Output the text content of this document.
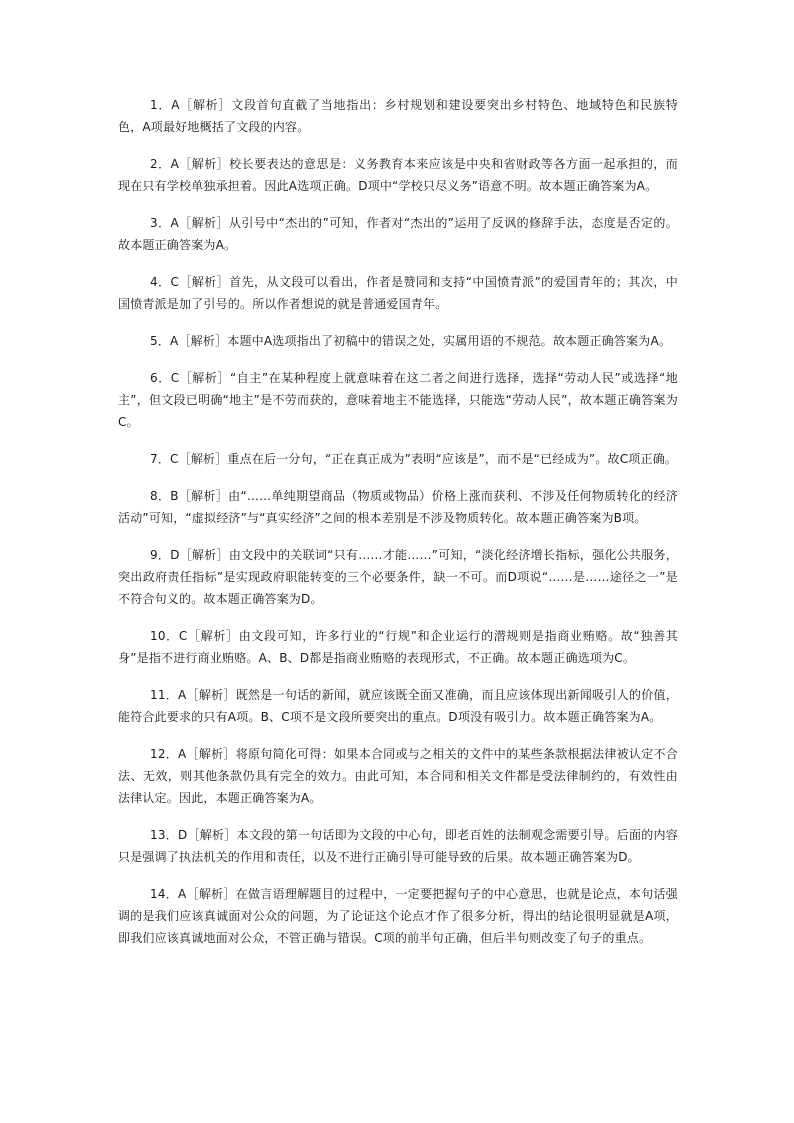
1．A［解析］文段首句直截了当地指出：乡村规划和建设要突出乡村特色、地域特色和民族特色，A项最好地概括了文段的内容。

2．A［解析］校长要表达的意思是：义务教育本来应该是中央和省财政等各方面一起承担的，而现在只有学校单独承担着。因此A选项正确。D项中“学校只尽义务”语意不明。故本题正确答案为A。

3．A［解析］从引号中“杰出的”可知，作者对“杰出的”运用了反讽的修辞手法，态度是否定的。故本题正确答案为A。

4．C［解析］首先，从文段可以看出，作者是赞同和支持“中国愤青派”的爱国青年的；其次，中国愤青派是加了引号的。所以作者想说的就是普通爱国青年。

5．A［解析］本题中A选项指出了初稿中的错误之处，实属用语的不规范。故本题正确答案为A。

6．C［解析］“自主”在某种程度上就意味着在这二者之间进行选择，选择“劳动人民”或选择“地主”，但文段已明确“地主”是不劳而获的，意味着地主不能选择，只能选“劳动人民”，故本题正确答案为C。

7．C［解析］重点在后一分句，“正在真正成为”表明“应该是”，而不是“已经成为”。故C项正确。

8．B［解析］由“……单纯期望商品（物质或物品）价格上涨而获利、不涉及任何物质转化的经济活动”可知，“虚拟经济”与“真实经济”之间的根本差别是不涉及物质转化。故本题正确答案为B项。

9．D［解析］由文段中的关联词“只有……才能……”可知，“淡化经济增长指标，强化公共服务，突出政府责任指标”是实现政府职能转变的三个必要条件，缺一不可。而D项说“……是……途径之一”是不符合句义的。故本题正确答案为D。

10．C［解析］由文段可知，许多行业的“行规”和企业运行的潜规则是指商业贿赂。故“独善其身”是指不进行商业贿赂。A、B、D都是指商业贿赂的表现形式，不正确。故本题正确选项为C。

11．A［解析］既然是一句话的新闻，就应该既全面又准确，而且应该体现出新闻吸引人的价值，能符合此要求的只有A项。B、C项不是文段所要突出的重点。D项没有吸引力。故本题正确答案为A。

12．A［解析］将原句简化可得：如果本合同或与之相关的文件中的某些条款根据法律被认定不合法、无效，则其他条款仍具有完全的效力。由此可知，本合同和相关文件都是受法律制约的，有效性由法律认定。因此，本题正确答案为A。

13．D［解析］本文段的第一句话即为文段的中心句，即老百姓的法制观念需要引导。后面的内容只是强调了执法机关的作用和责任，以及不进行正确引导可能导致的后果。故本题正确答案为D。

14．A［解析］在做言语理解题目的过程中，一定要把握句子的中心意思，也就是论点，本句话强调的是我们应该真诚面对公众的问题，为了论证这个论点才作了很多分析，得出的结论很明显就是A项，即我们应该真诚地面对公众，不管正确与错误。C项的前半句正确，但后半句则改变了句子的重点。
